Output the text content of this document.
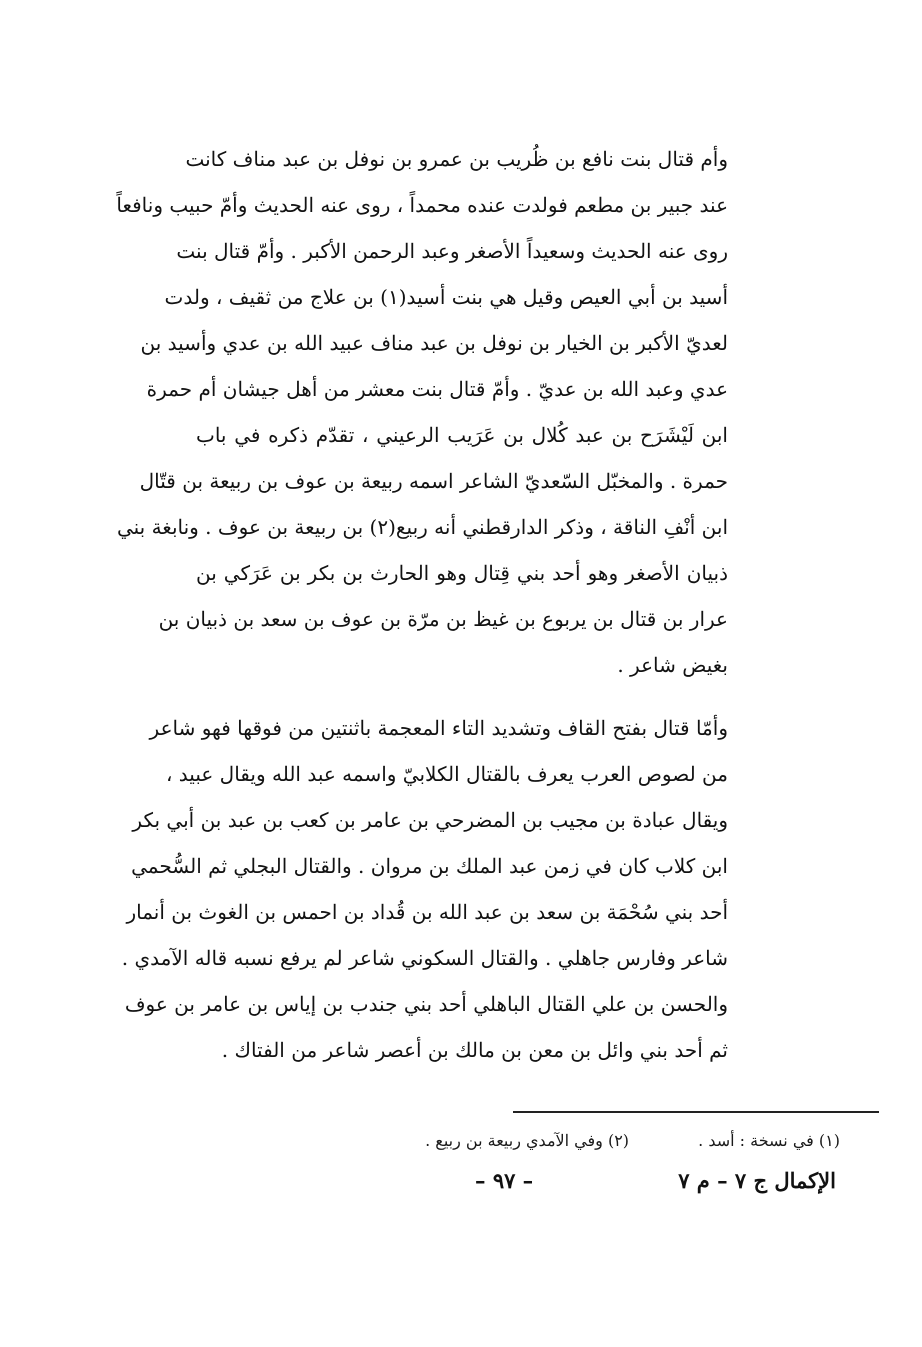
وأم قتال بنت نافع بن ظُريب بن عمرو بن نوفل بن عبد مناف كانت
عند جبير بن مطعم فولدت عنده محمداً ، روى عنه الحديث وأمّ حبيب ونافعاً
روى عنه الحديث وسعيداً الأصغر وعبد الرحمن الأكبر . وأمّ قتال بنت
أسيد بن أبي العيص وقيل هي بنت أسيد(١) بن علاج من ثقيف ، ولدت
لعديّ الأكبر بن الخيار بن نوفل بن عبد مناف عبيد الله بن عدي وأسيد بن
عدي وعبد الله بن عديّ . وأمّ قتال بنت معشر من أهل جيشان أم حمرة
ابن لَيْشَرَح بن عبد كُلال بن عَرَيب الرعيني ، تقدّم ذكره في باب
حمرة . والمخبّل السّعديّ الشاعر اسمه ربيعة بن عوف بن ربيعة بن قتّال
ابن أنْفِ الناقة ، وذكر الدارقطني أنه ربيع(٢) بن ربيعة بن عوف . ونابغة بني
ذبيان الأصغر وهو أحد بني قِتال وهو الحارث بن بكر بن عَرَكي بن
عرار بن قتال بن يربوع بن غيظ بن مرّة بن عوف بن سعد بن ذبيان بن
بغيض شاعر .
وأمّا قتال بفتح القاف وتشديد التاء المعجمة باثنتين من فوقها فهو شاعر
من لصوص العرب يعرف بالقتال الكلابيّ واسمه عبد الله ويقال عبيد ،
ويقال عبادة بن مجيب بن المضرحي بن عامر بن كعب بن عبد بن أبي بكر
ابن كلاب كان في زمن عبد الملك بن مروان . والقتال البجلي ثم السُّحمي
أحد بني سُحْمَة بن سعد بن عبد الله بن قُداد بن احمس بن الغوث بن أنمار
شاعر وفارس جاهلي . والقتال السكوني شاعر لم يرفع نسبه قاله الآمدي .
والحسن بن علي القتال الباهلي أحد بني جندب بن إياس بن عامر بن عوف
ثم أحد بني وائل بن معن بن مالك بن أعصر شاعر من الفتاك .
(١) في نسخة : أسد . (٢) وفي الآمدي ربيعة بن ربيع .
الإكمال ج ٧ – م ٧
– ٩٧ –
